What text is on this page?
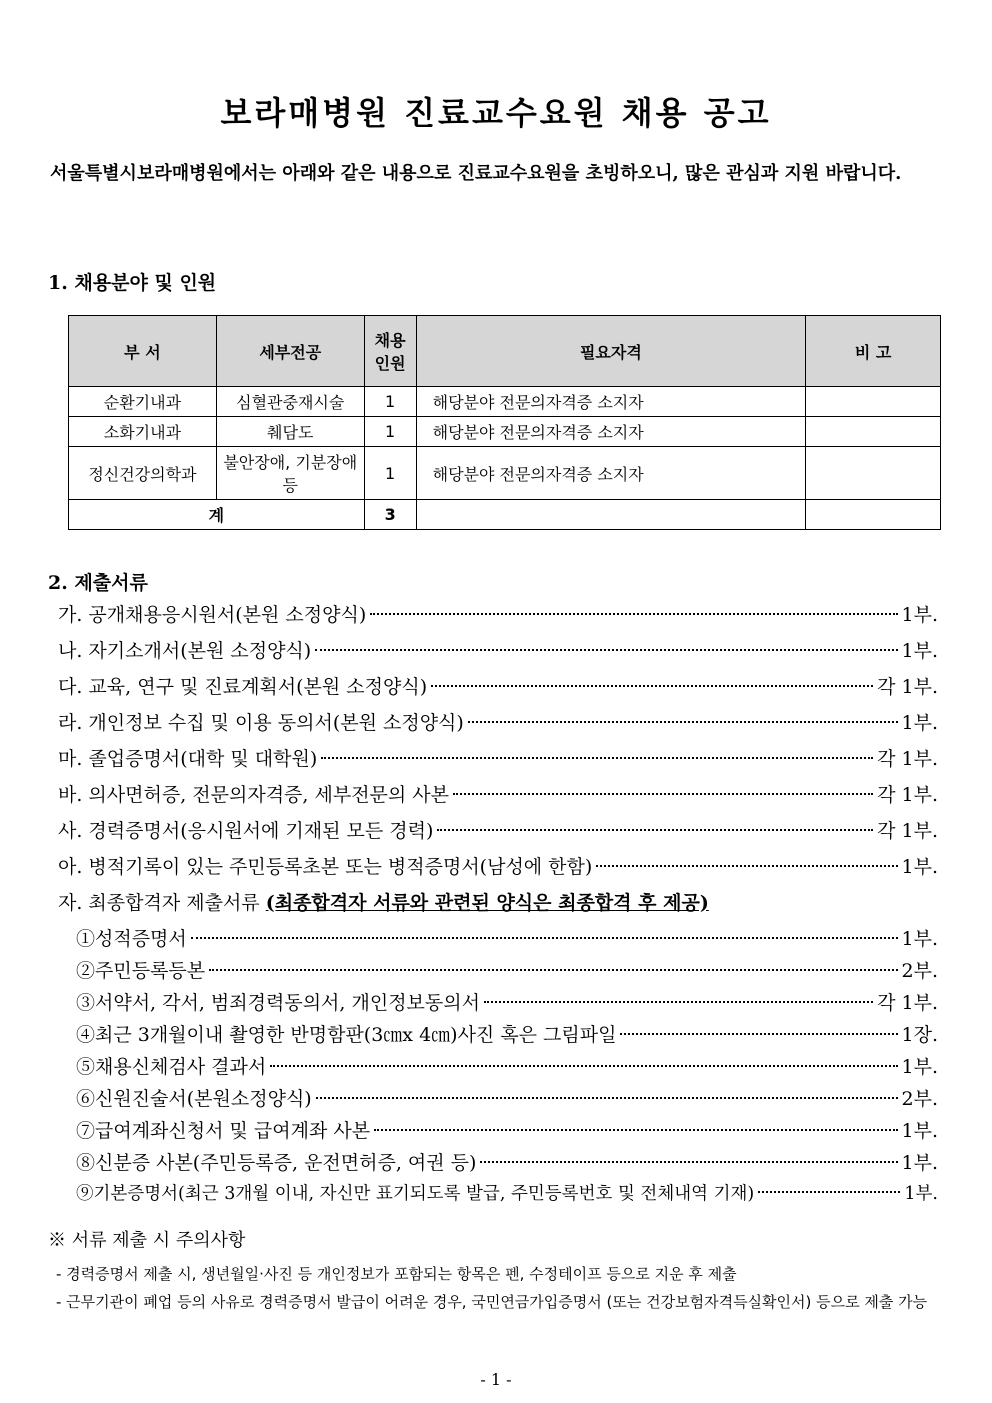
보라매병원 진료교수요원 채용 공고
서울특별시보라매병원에서는 아래와 같은 내용으로 진료교수요원을 초빙하오니, 많은 관심과 지원 바랍니다.
1. 채용분야 및 인원
부 서	세부전공	채용 인원	필요자격	비 고
순환기내과	심혈관중재시술	1	해당분야 전문의자격증 소지자	
소화기내과	췌담도	1	해당분야 전문의자격증 소지자	
정신건강의학과	불안장애, 기분장애 등	1	해당분야 전문의자격증 소지자	
계		3		
2. 제출서류
가. 공개채용응시원서(본원 소정양식)	1부.
나. 자기소개서(본원 소정양식)	1부.
다. 교육, 연구 및 진료계획서(본원 소정양식)	각 1부.
라. 개인정보 수집 및 이용 동의서(본원 소정양식)	1부.
마. 졸업증명서(대학 및 대학원)	각 1부.
바. 의사면허증, 전문의자격증, 세부전문의 사본	각 1부.
사. 경력증명서(응시원서에 기재된 모든 경력)	각 1부.
아. 병적기록이 있는 주민등록초본 또는 병적증명서(남성에 한함)	1부.
자. 최종합격자 제출서류
(최종합격자 서류와 관련된 양식은 최종합격 후 제공)
①성적증명서	1부.
②주민등록등본	2부.
③서약서, 각서, 범죄경력동의서, 개인정보동의서	각 1부.
④최근 3개월이내 촬영한 반명함판(3㎝x 4㎝)사진 혹은 그림파일	1장.
⑤채용신체검사 결과서	1부.
⑥신원진술서(본원소정양식)	2부.
⑦급여계좌신청서 및 급여계좌 사본	1부.
⑧신분증 사본(주민등록증, 운전면허증, 여권 등)	1부.
⑨기본증명서(최근 3개월 이내, 자신만 표기되도록 발급, 주민등록번호 및 전체내역 기재)	1부.
※ 서류 제출 시 주의사항
- 경력증명서 제출 시, 생년월일·사진 등 개인정보가 포함되는 항목은 펜, 수정테이프 등으로 지운 후 제출
- 근무기관이 폐업 등의 사유로 경력증명서 발급이 어려운 경우, 국민연금가입증명서 (또는 건강보험자격득실확인서) 등으로 제출 가능
- 1 -
